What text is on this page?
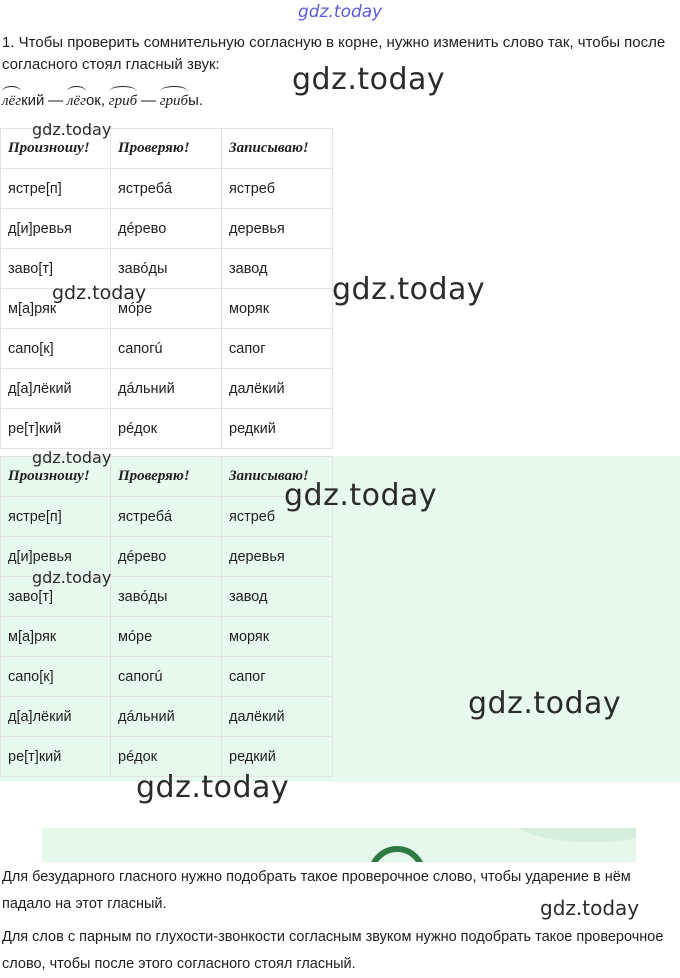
gdz.today
1. Чтобы проверить сомнительную согласную в корне, нужно изменить слово так, чтобы после согласного стоял гласный звук:
лёгкий — лёгок, гриб — грибы.
Произношу!	Проверяю!	Записываю!
ястре[п]	ястребá	ястреб
д[и]ревья	дéрево	деревья
заво[т]	завóды	завод
м[а]ряк	мóре	моряк
сапо[к]	сапогú	сапог
д[а]лёкий	дáльний	далёкий
ре[т]кий	рéдок	редкий
Произношу!	Проверяю!	Записываю!
ястре[п]	ястребá	ястреб
д[и]ревья	дéрево	деревья
заво[т]	завóды	завод
м[а]ряк	мóре	моряк
сапо[к]	сапогú	сапог
д[а]лёкий	дáльний	далёкий
ре[т]кий	рéдок	редкий
Для безударного гласного нужно подобрать такое проверочное слово, чтобы ударение в нём падало на этот гласный.
Для слов с парным по глухости-звонкости согласным звуком нужно подобрать такое проверочное слово, чтобы после этого согласного стоял гласный.
gdz.today
gdz.today
gdz.today
gdz.today
gdz.today
gdz.today
gdz.today
gdz.today
gdz.today
gdz.today
